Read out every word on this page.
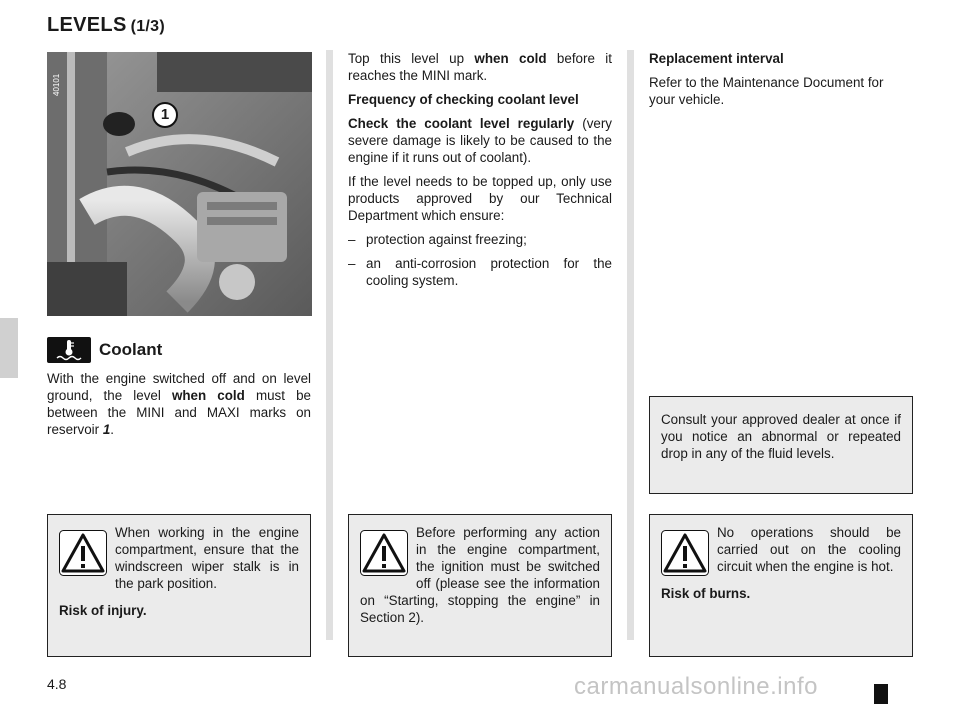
LEVELS (1/3)
1
40101
Coolant

With the engine switched off and on level ground, the level when cold must be between the MINI and MAXI marks on reservoir 1.

Top this level up when cold before it reaches the MINI mark.

Frequency of checking coolant level

Check the coolant level regularly (very severe damage is likely to be caused to the engine if it runs out of coolant).

If the level needs to be topped up, only use products approved by our Technical Department which ensure:

– protection against freezing;
– an anti-corrosion protection for the cooling system.

Replacement interval

Refer to the Maintenance Document for your vehicle.

Consult your approved dealer at once if you notice an abnormal or repeated drop in any of the fluid levels.
When working in the engine compartment, ensure that the windscreen wiper stalk is in the park position.
Risk of injury.
Before performing any action in the engine compartment, the ignition must be switched off (please see the information on “Starting, stopping the engine” in Section 2).
No operations should be carried out on the cooling circuit when the engine is hot.
Risk of burns.
4.8	carmanualsonline.info
